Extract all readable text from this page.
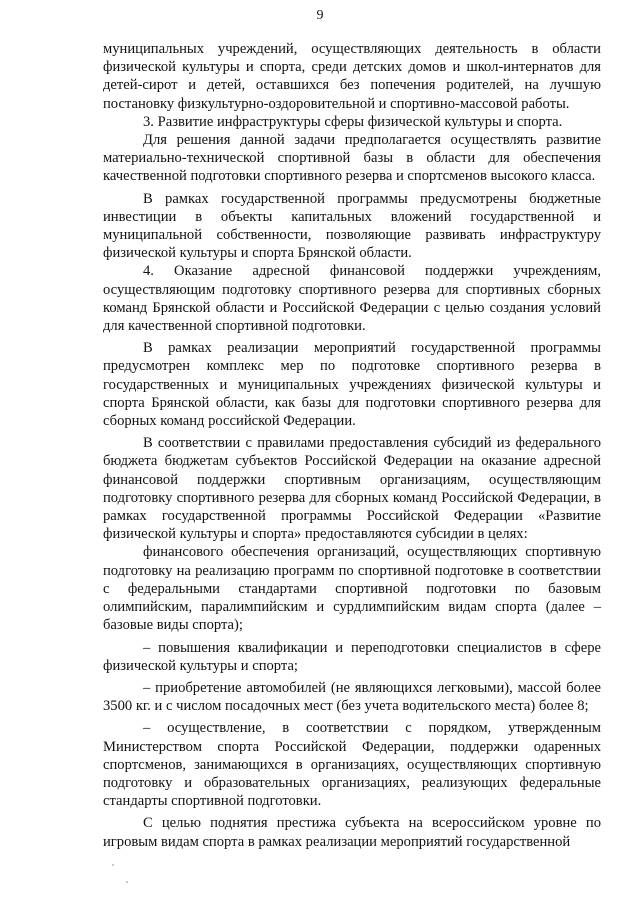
9

муниципальных учреждений, осуществляющих деятельность в области физической культуры и спорта, среди детских домов и школ-интернатов для детей-сирот и детей, оставшихся без попечения родителей, на лучшую постановку физкультурно-оздоровительной и спортивно-массовой работы.

3. Развитие инфраструктуры сферы физической культуры и спорта.

Для решения данной задачи предполагается осуществлять развитие материально-технической спортивной базы в области для обеспечения качественной подготовки спортивного резерва и спортсменов высокого класса.

В рамках государственной программы предусмотрены бюджетные инвестиции в объекты капитальных вложений государственной и муниципальной собственности, позволяющие развивать инфраструктуру физической культуры и спорта Брянской области.

4. Оказание адресной финансовой поддержки учреждениям, осуществляющим подготовку спортивного резерва для спортивных сборных команд Брянской области и Российской Федерации с целью создания условий для качественной спортивной подготовки.

В рамках реализации мероприятий государственной программы предусмотрен комплекс мер по подготовке спортивного резерва в государственных и муниципальных учреждениях физической культуры и спорта Брянской области, как базы для подготовки спортивного резерва для сборных команд российской Федерации.

В соответствии с правилами предоставления субсидий из федерального бюджета бюджетам субъектов Российской Федерации на оказание адресной финансовой поддержки спортивным организациям, осуществляющим подготовку спортивного резерва для сборных команд Российской Федерации, в рамках государственной программы Российской Федерации «Развитие физической культуры и спорта» предоставляются субсидии в целях:

финансового обеспечения организаций, осуществляющих спортивную подготовку на реализацию программ по спортивной подготовке в соответствии с федеральными стандартами спортивной подготовки по базовым олимпийским, паралимпийским и сурдлимпийским видам спорта (далее – базовые виды спорта);

– повышения квалификации и переподготовки специалистов в сфере физической культуры и спорта;

– приобретение автомобилей (не являющихся легковыми), массой более 3500 кг. и с числом посадочных мест (без учета водительского места) более 8;

– осуществление, в соответствии с порядком, утвержденным Министерством спорта Российской Федерации, поддержки одаренных спортсменов, занимающихся в организациях, осуществляющих спортивную подготовку и образовательных организациях, реализующих федеральные стандарты спортивной подготовки.

С целью поднятия престижа субъекта на всероссийском уровне по игровым видам спорта в рамках реализации мероприятий государственной
